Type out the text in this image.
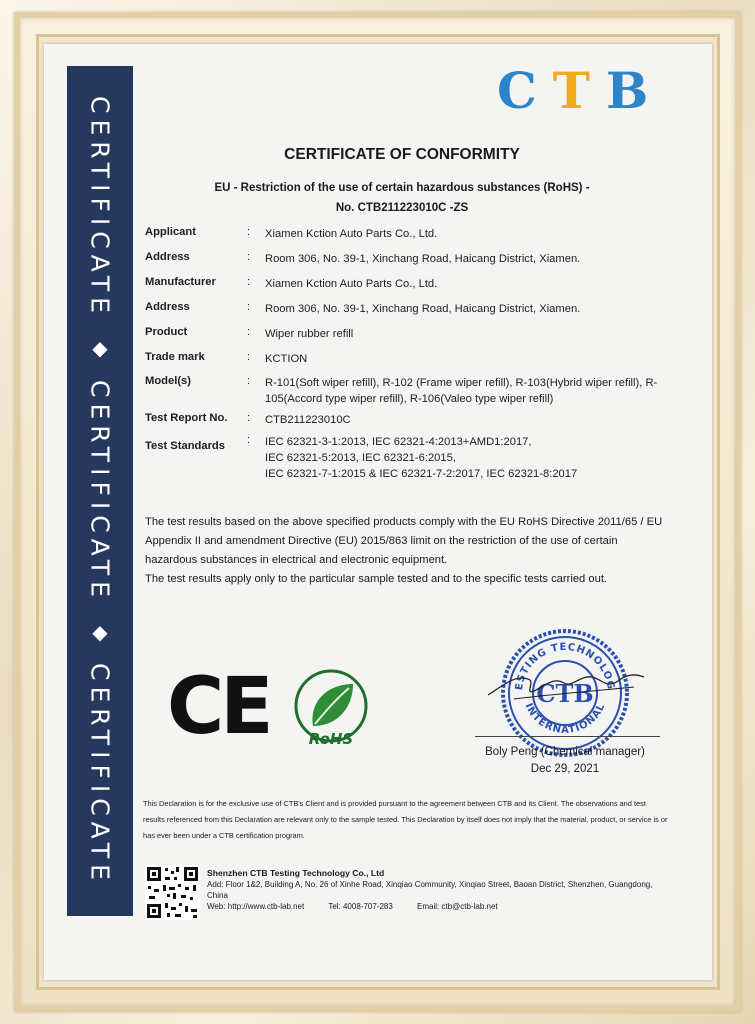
CERTIFICATE
◆
CERTIFICATE
◆
CERTIFICATE
CTB
CERTIFICATE OF CONFORMITY
EU - Restriction of the use of certain hazardous substances (RoHS) -
No. CTB211223010C -ZS
Applicant	:	Xiamen Kction Auto Parts Co., Ltd.
Address	:	Room 306, No. 39-1, Xinchang Road, Haicang District, Xiamen.
Manufacturer	:	Xiamen Kction Auto Parts Co., Ltd.
Address	:	Room 306, No. 39-1, Xinchang Road, Haicang District, Xiamen.
Product	:	Wiper rubber refill
Trade mark	:	KCTION
Model(s)	:	R-101(Soft wiper refill), R-102 (Frame wiper refill), R-103(Hybrid wiper refill), R-105(Accord type wiper refill), R-106(Valeo type wiper refill)
Test Report No.	:	CTB211223010C
Test Standards	:	IEC 62321-3-1:2013, IEC 62321-4:2013+AMD1:2017,
IEC 62321-5:2013, IEC 62321-6:2015,
IEC 62321-7-1:2015 & IEC 62321-7-2:2017, IEC 62321-8:2017
The test results based on the above specified products comply with the EU RoHS Directive 2011/65 / EU Appendix II and amendment Directive (EU) 2015/863 limit on the restriction of the use of certain hazardous substances in electrical and electronic equipment.
The test results apply only to the particular sample tested and to the specific tests carried out.
CE	RoHS
ESTING TECHNOLOG
INTERNATIONAL
CTB
Boly Peng (Chemical manager)
Dec 29, 2021
This Declaration is for the exclusive use of CTB's Client and is provided pursuant to the agreement between CTB and its Client. The observations and test results referenced from this Declaration are relevant only to the sample tested. This Declaration by itself does not imply that the material, product, or service is or has ever been under a CTB certification program.
Shenzhen CTB Testing Technology Co., Ltd
Add: Floor 1&2, Building A, No. 26 of Xinhe Road, Xinqiao Community, Xinqiao Street, Baoan District, Shenzhen, Guangdong, China
Web: http://www.ctb-lab.net	Tel: 4008-707-283	Email: ctb@ctb-lab.net
